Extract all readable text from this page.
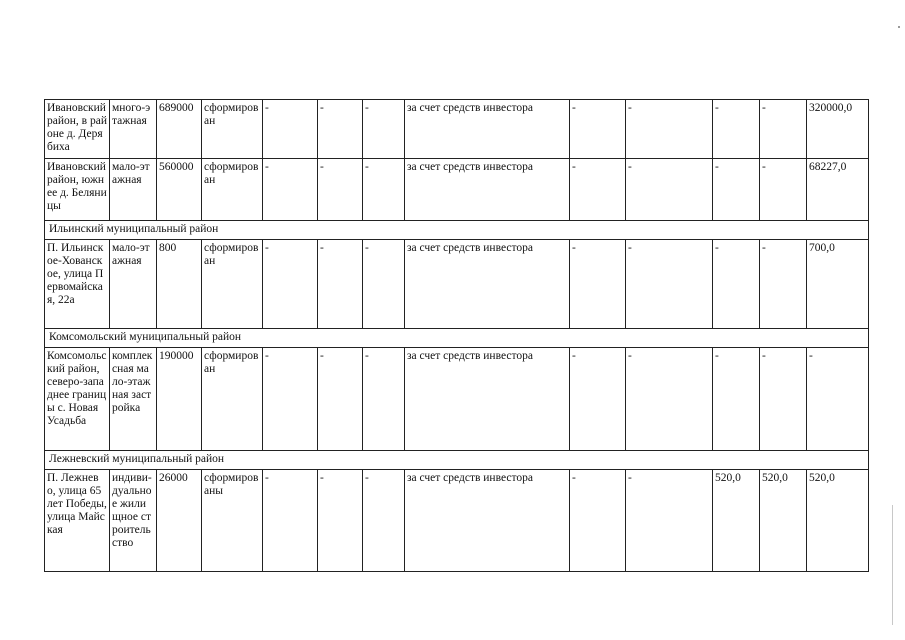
Ивановский район, в районе д. Дерябиха	много-этажная	689000	сформирован	-	-	-	за счет средств инвестора	-	-	-	-	320000,0
Ивановский район, южнее д. Беляницы	мало-этажная	560000	сформирован	-	-	-	за счет средств инвестора	-	-	-	-	68227,0
Ильинский муниципальный район												
П. Ильинское-Хованское, улица Первомайская, 22а	мало-этажная	800	сформирован	-	-	-	за счет средств инвестора	-	-	-	-	700,0
Комсомольский муниципальный район												
Комсомольский район, северо-западнее границы с. Новая Усадьба	комплексная мало-этажная застройка	190000	сформирован	-	-	-	за счет средств инвестора	-	-	-	-	-
Лежневский муниципальный район												
П. Лежнево, улица 65 лет Победы, улица Майская	индиви-дуальное жилищное строительство	26000	сформированы	-	-	-	за счет средств инвестора	-	-	520,0	520,0	520,0
